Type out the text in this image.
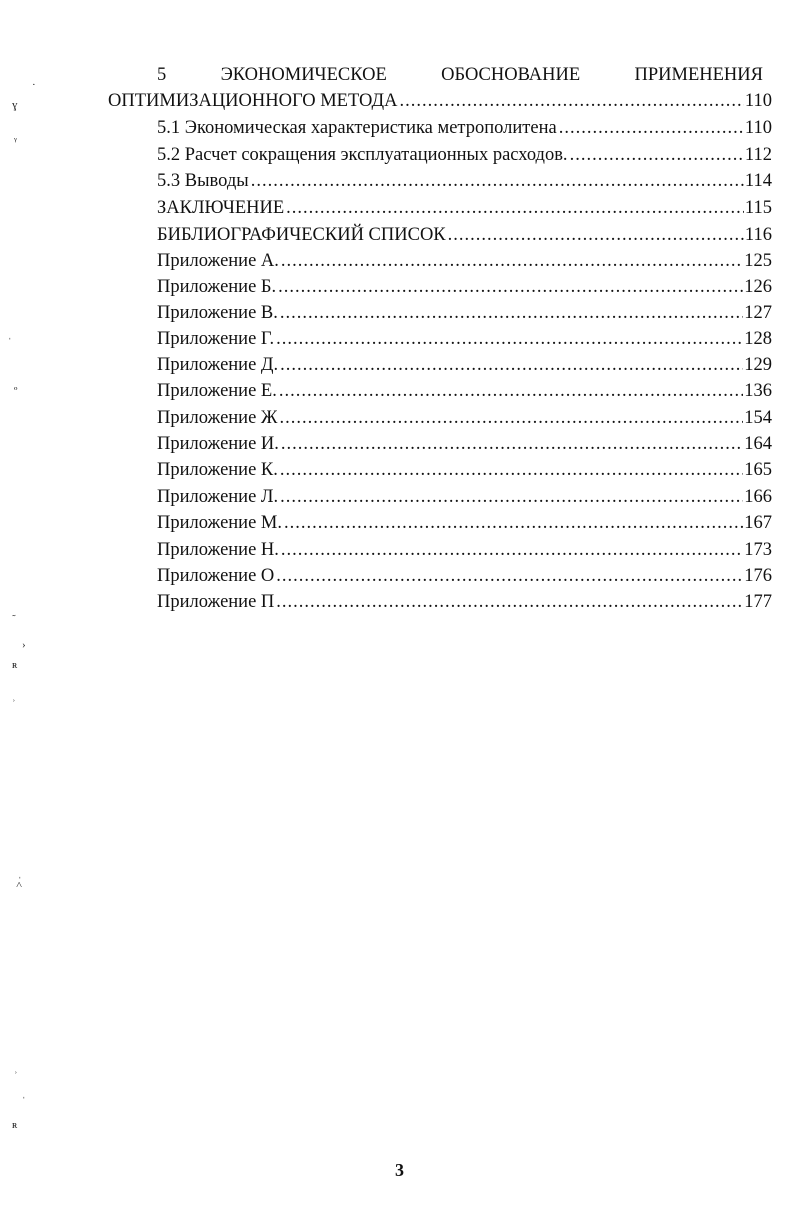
5	ЭКОНОМИЧЕСКОЕ	ОБОСНОВАНИЕ	ПРИМЕНЕНИЯ
ОПТИМИЗАЦИОННОГО МЕТОДА .....	110
5.1 Экономическая характеристика метрополитена .....	110
5.2 Расчет сокращения эксплуатационных расходов. .....	112
5.3 Выводы .....	114
ЗАКЛЮЧЕНИЕ .....	115
БИБЛИОГРАФИЧЕСКИЙ СПИСОК .....	116
Приложение А. .....	125
Приложение Б. .....	126
Приложение В. .....	127
Приложение Г. .....	128
Приложение Д. .....	129
Приложение Е. .....	136
Приложение Ж .....	154
Приложение И. .....	164
Приложение К. .....	165
Приложение Л. .....	166
Приложение М. .....	167
Приложение Н. .....	173
Приложение О .....	176
Приложение П .....	177
·
ɣ
ᵞ
ˈ
º
˷
›
ʀ
˒
ˌ
˄
˒
ˈ
ʀ
3
